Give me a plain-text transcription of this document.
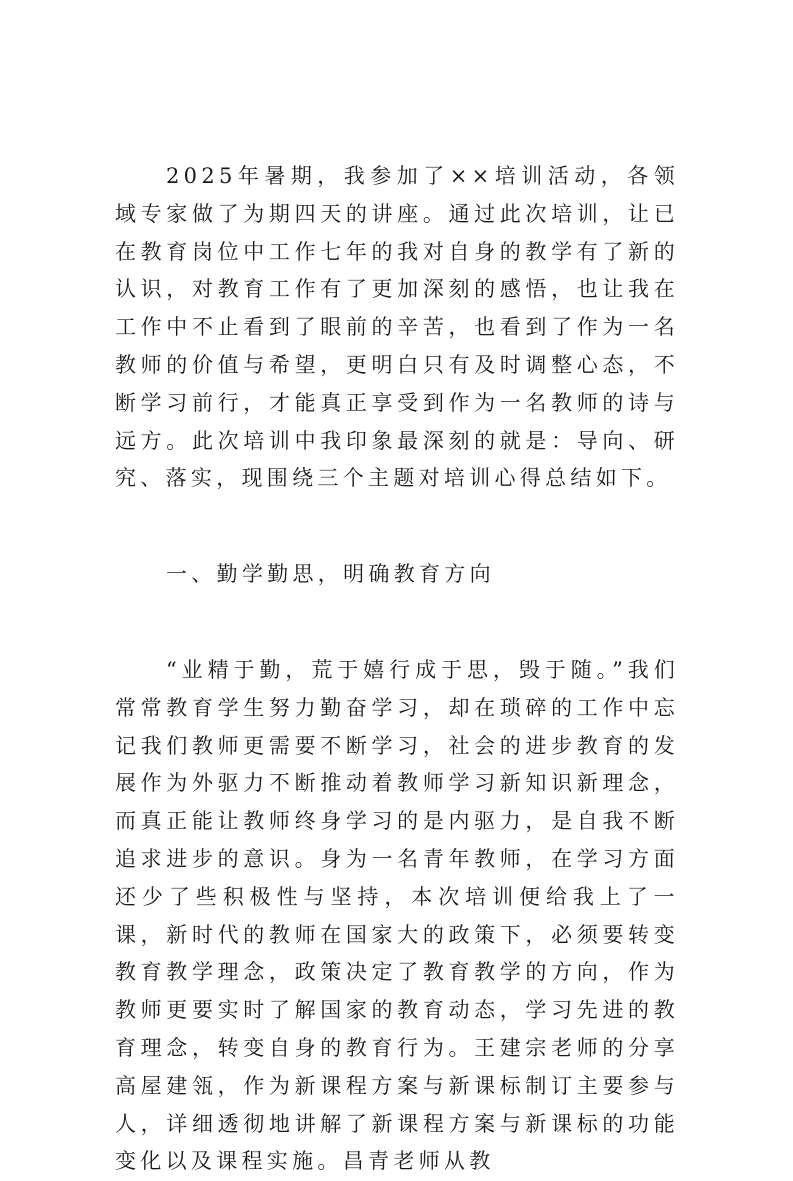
2025年暑期，我参加了××培训活动，各领域专家做了为期四天的讲座。通过此次培训，让已在教育岗位中工作七年的我对自身的教学有了新的认识，对教育工作有了更加深刻的感悟，也让我在工作中不止看到了眼前的辛苦，也看到了作为一名教师的价值与希望，更明白只有及时调整心态，不断学习前行，才能真正享受到作为一名教师的诗与远方。此次培训中我印象最深刻的就是：导向、研究、落实，现围绕三个主题对培训心得总结如下。

一、勤学勤思，明确教育方向

“业精于勤，荒于嬉行成于思，毁于随。”我们常常教育学生努力勤奋学习，却在琐碎的工作中忘记我们教师更需要不断学习，社会的进步教育的发展作为外驱力不断推动着教师学习新知识新理念，而真正能让教师终身学习的是内驱力，是自我不断追求进步的意识。身为一名青年教师，在学习方面还少了些积极性与坚持，本次培训便给我上了一课，新时代的教师在国家大的政策下，必须要转变教育教学理念，政策决定了教育教学的方向，作为教师更要实时了解国家的教育动态，学习先进的教育理念，转变自身的教育行为。王建宗老师的分享高屋建瓴，作为新课程方案与新课标制订主要参与人，详细透彻地讲解了新课程方案与新课标的功能变化以及课程实施。昌青老师从教
